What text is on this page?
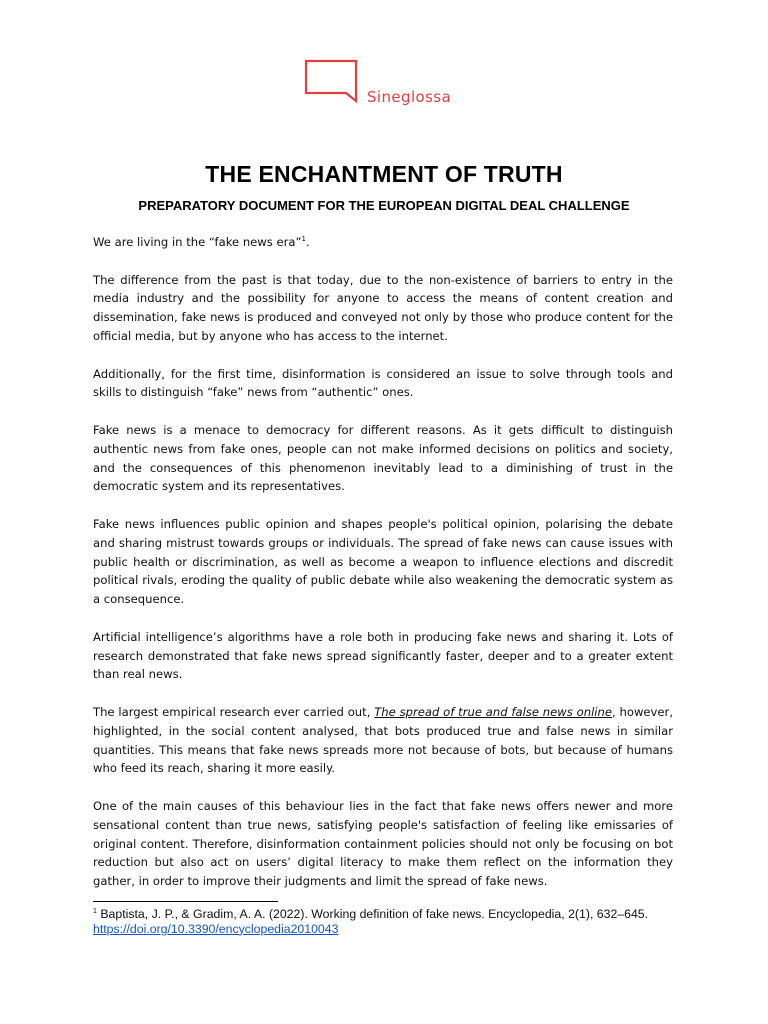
Sineglossa
THE ENCHANTMENT OF TRUTH
PREPARATORY DOCUMENT FOR THE EUROPEAN DIGITAL DEAL CHALLENGE

We are living in the “fake news era”$^1$.

The difference from the past is that today, due to the non-existence of barriers to entry in the media industry and the possibility for anyone to access the means of content creation and dissemination, fake news is produced and conveyed not only by those who produce content for the official media, but by anyone who has access to the internet.

Additionally, for the first time, disinformation is considered an issue to solve through tools and skills to distinguish “fake” news from “authentic” ones.

Fake news is a menace to democracy for different reasons. As it gets difficult to distinguish authentic news from fake ones, people can not make informed decisions on politics and society, and the consequences of this phenomenon inevitably lead to a diminishing of trust in the democratic system and its representatives.

Fake news influences public opinion and shapes people's political opinion, polarising the debate and sharing mistrust towards groups or individuals. The spread of fake news can cause issues with public health or discrimination, as well as become a weapon to influence elections and discredit political rivals, eroding the quality of public debate while also weakening the democratic system as a consequence.

Artificial intelligence’s algorithms have a role both in producing fake news and sharing it. Lots of research demonstrated that fake news spread significantly faster, deeper and to a greater extent than real news.

The largest empirical research ever carried out, The spread of true and false news online, however, highlighted, in the social content analysed, that bots produced true and false news in similar quantities. This means that fake news spreads more not because of bots, but because of humans who feed its reach, sharing it more easily.

One of the main causes of this behaviour lies in the fact that fake news offers newer and more sensational content than true news, satisfying people's satisfaction of feeling like emissaries of original content. Therefore, disinformation containment policies should not only be focusing on bot reduction but also act on users’ digital literacy to make them reflect on the information they gather, in order to improve their judgments and limit the spread of fake news.

$^1$ Baptista, J. P., & Gradim, A. A. (2022). Working definition of fake news. Encyclopedia, 2(1), 632–645. https://doi.org/10.3390/encyclopedia2010043
